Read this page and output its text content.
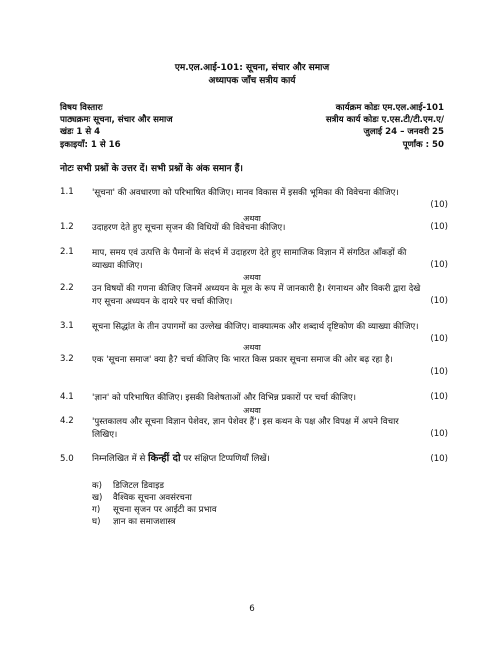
एम.एल.आई-101: सूचना, संचार और समाज
अध्यापक जाँच सत्रीय कार्य
विषय विस्तारः
पाठ्यक्रमः सूचना, संचार और समाज
खंडः 1 से 4
इकाइयाँ: 1 से 16
कार्यक्रम कोडः एम.एल.आई-101
सत्रीय कार्य कोडः ए.एस.टी/टी.एम.ए/
जुलाई 24 – जनवरी 25
पूर्णांक : 50
नोटः सभी प्रश्नों के उत्तर दें। सभी प्रश्नों के अंक समान हैं।
1.1 'सूचना' की अवधारणा को परिभाषित कीजिए। मानव विकास में इसकी भूमिका की विवेचना कीजिए।
(10)
अथवा
1.2 उदाहरण देते हुए सूचना सृजन की विधियों की विवेचना कीजिए।	(10)
2.1 माप, समय एवं उत्पत्ति के पैमानों के संदर्भ में उदाहरण देते हुए सामाजिक विज्ञान में संगठित आँकड़ों की व्याख्या कीजिए।	(10)
अथवा
2.2 उन विषयों की गणना कीजिए जिनमें अध्ययन के मूल के रूप में जानकारी है। रंगनाथन और विकरी द्वारा देखे गए सूचना अध्ययन के दायरे पर चर्चा कीजिए।	(10)
3.1 सूचना सिद्धांत के तीन उपागमों का उल्लेख कीजिए। वाक्यात्मक और शब्दार्थ दृष्टिकोण की व्याख्या कीजिए।
(10)
अथवा
3.2 एक 'सूचना समाज' क्या है? चर्चा कीजिए कि भारत किस प्रकार सूचना समाज की ओर बढ़ रहा है।
(10)
4.1 'ज्ञान' को परिभाषित कीजिए। इसकी विशेषताओं और विभिन्न प्रकारों पर चर्चा कीजिए।	(10)
अथवा
4.2 'पुस्तकालय और सूचना विज्ञान पेशेवर, ज्ञान पेशेवर हैं'। इस कथन के पक्ष और विपक्ष में अपने विचार लिखिए।	(10)
5.0 निम्नलिखित में से किन्हीं दो पर संक्षिप्त टिप्पणियाँ लिखें।	(10)
क) डिजिटल डिवाइड
ख) वैश्विक सूचना अवसंरचना
ग) सूचना सृजन पर आईटी का प्रभाव
घ) ज्ञान का समाजशास्त्र
6
